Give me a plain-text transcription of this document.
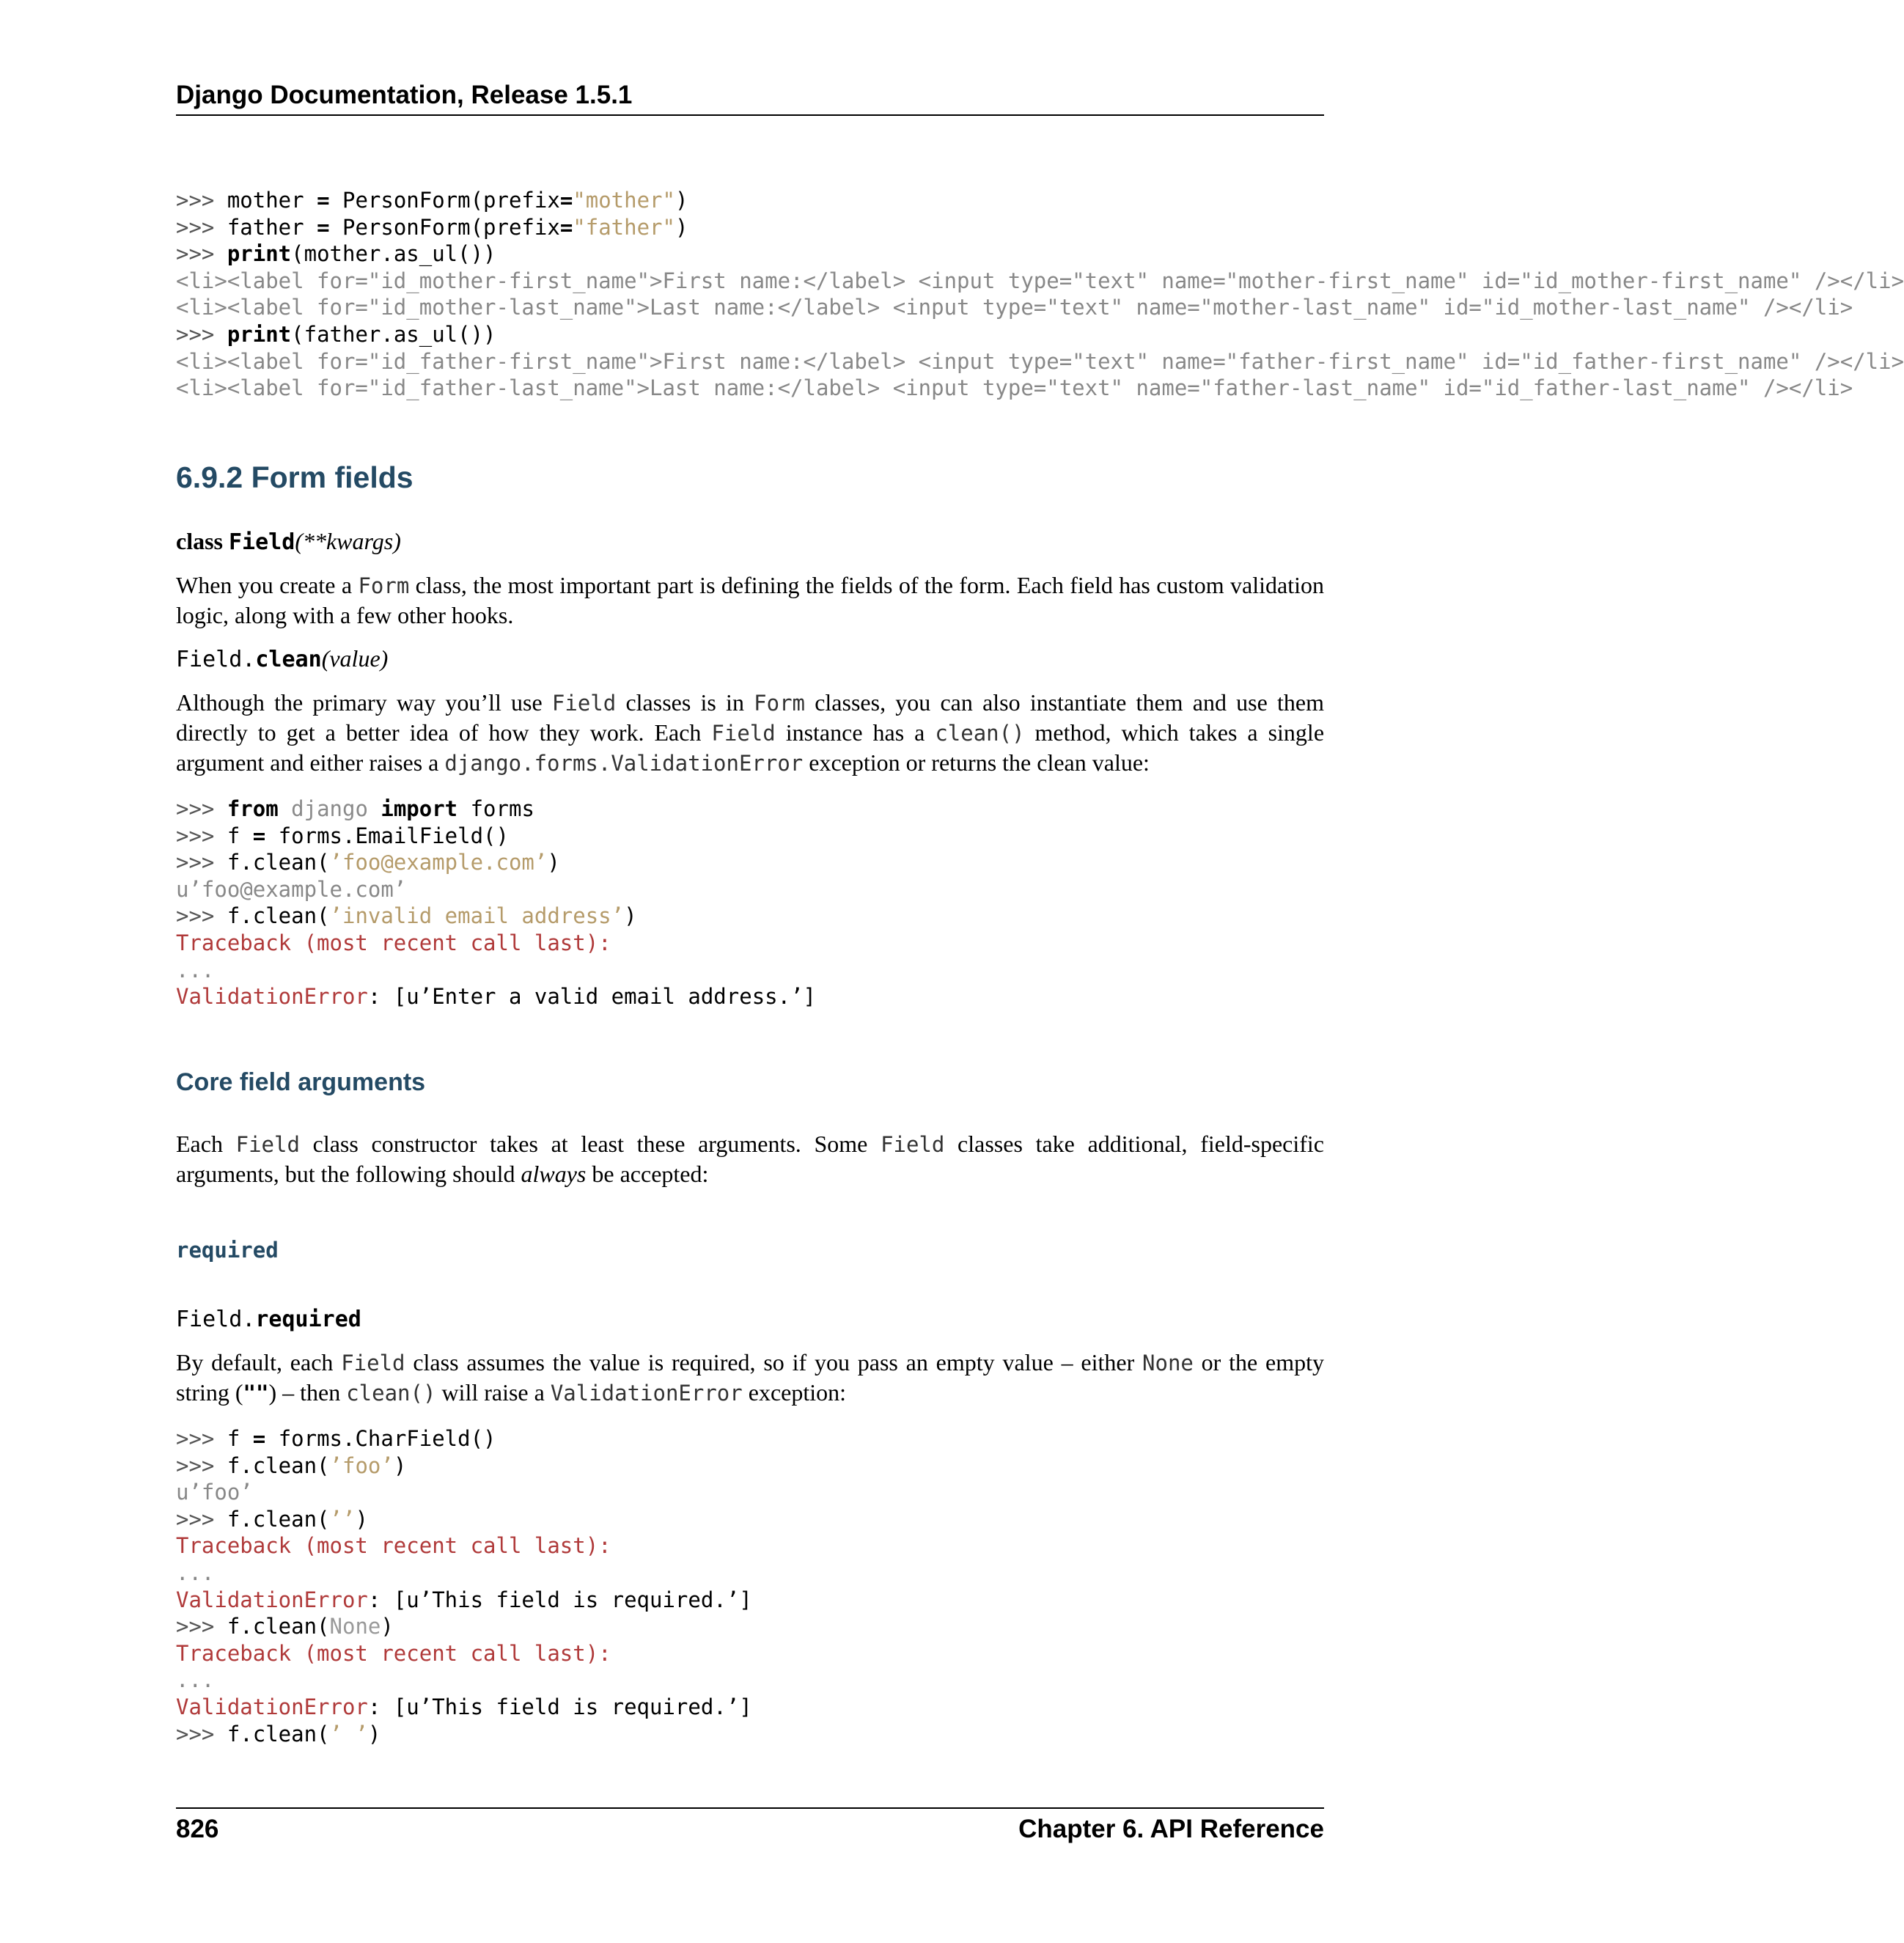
Django Documentation, Release 1.5.1
>>> mother = PersonForm(prefix="mother")
>>> father = PersonForm(prefix="father")
>>> print(mother.as_ul())
<li><label for="id_mother-first_name">First name:</label> <input type="text" name="mother-first_name" id="id_mother-first_name" /></li>
<li><label for="id_mother-last_name">Last name:</label> <input type="text" name="mother-last_name" id="id_mother-last_name" /></li>
>>> print(father.as_ul())
<li><label for="id_father-first_name">First name:</label> <input type="text" name="father-first_name" id="id_father-first_name" /></li>
<li><label for="id_father-last_name">Last name:</label> <input type="text" name="father-last_name" id="id_father-last_name" /></li>
6.9.2 Form fields
class Field(**kwargs)
When you create a Form class, the most important part is defining the fields of the form. Each field has custom validation logic, along with a few other hooks.
Field.clean(value)
Although the primary way you’ll use Field classes is in Form classes, you can also instantiate them and use them directly to get a better idea of how they work. Each Field instance has a clean() method, which takes a single argument and either raises a django.forms.ValidationError exception or returns the clean value:
>>> from django import forms
>>> f = forms.EmailField()
>>> f.clean(’foo@example.com’)
u’foo@example.com’
>>> f.clean(’invalid email address’)
Traceback (most recent call last):
...
ValidationError: [u’Enter a valid email address.’]
Core field arguments
Each Field class constructor takes at least these arguments. Some Field classes take additional, field-specific arguments, but the following should always be accepted:
required
Field.required
By default, each Field class assumes the value is required, so if you pass an empty value – either None or the empty string ("") – then clean() will raise a ValidationError exception:
>>> f = forms.CharField()
>>> f.clean(’foo’)
u’foo’
>>> f.clean(’’)
Traceback (most recent call last):
...
ValidationError: [u’This field is required.’]
>>> f.clean(None)
Traceback (most recent call last):
...
ValidationError: [u’This field is required.’]
>>> f.clean(’ ’)
826	Chapter 6. API Reference
